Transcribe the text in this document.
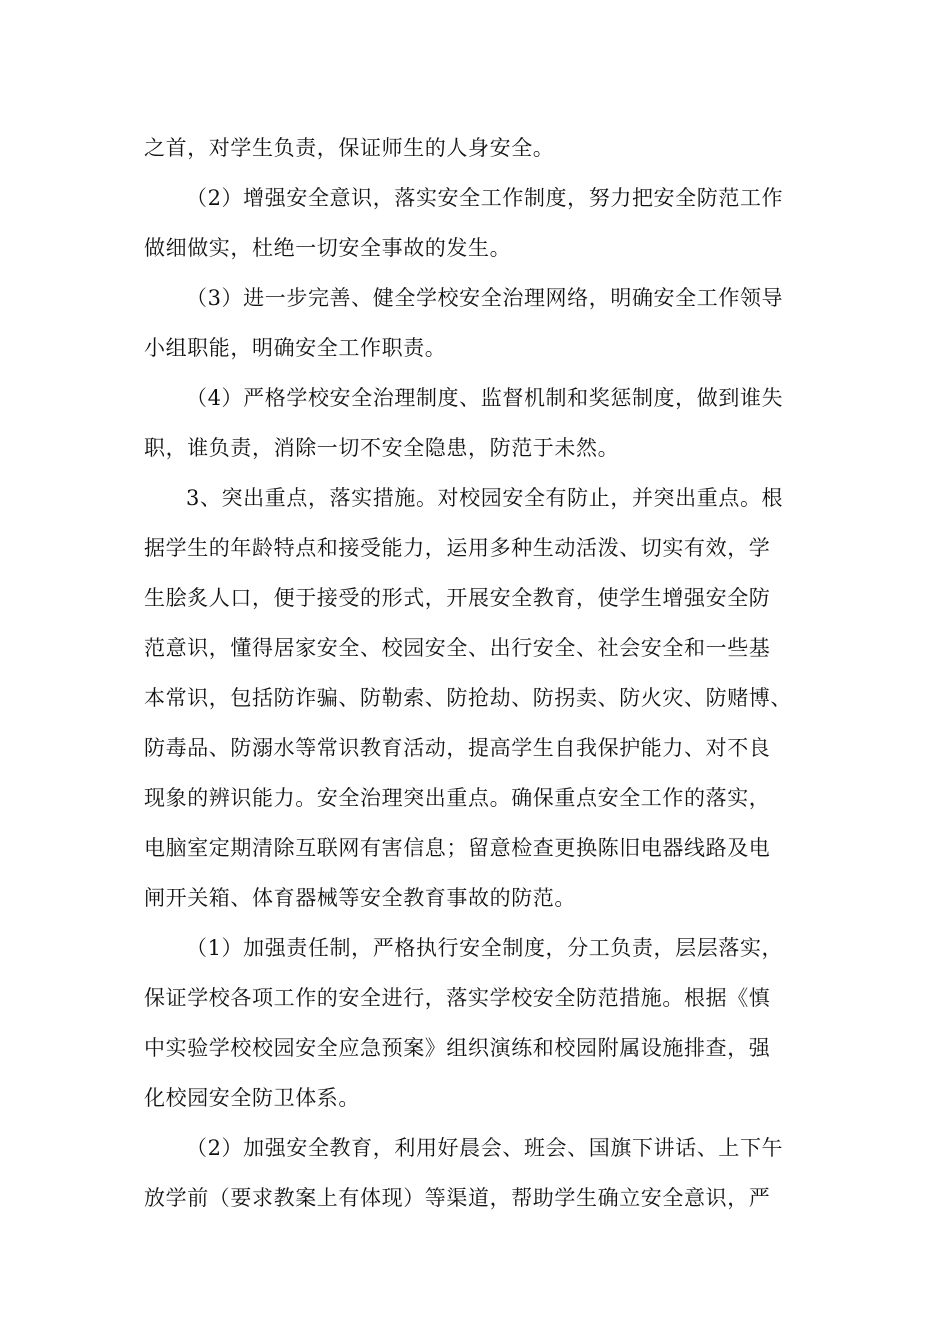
之首，对学生负责，保证师生的人身安全。
（2）增强安全意识，落实安全工作制度，努力把安全防范工作
做细做实，杜绝一切安全事故的发生。
（3）进一步完善、健全学校安全治理网络，明确安全工作领导
小组职能，明确安全工作职责。
（4）严格学校安全治理制度、监督机制和奖惩制度，做到谁失
职，谁负责，消除一切不安全隐患，防范于未然。
3、突出重点，落实措施。对校园安全有防止，并突出重点。根
据学生的年龄特点和接受能力，运用多种生动活泼、切实有效，学
生脍炙人口，便于接受的形式，开展安全教育，使学生增强安全防
范意识，懂得居家安全、校园安全、出行安全、社会安全和一些基
本常识，包括防诈骗、防勒索、防抢劫、防拐卖、防火灾、防赌博、
防毒品、防溺水等常识教育活动，提高学生自我保护能力、对不良
现象的辨识能力。安全治理突出重点。确保重点安全工作的落实，
电脑室定期清除互联网有害信息；留意检查更换陈旧电器线路及电
闸开关箱、体育器械等安全教育事故的防范。
（1）加强责任制，严格执行安全制度，分工负责，层层落实，
保证学校各项工作的安全进行，落实学校安全防范措施。根据《慎
中实验学校校园安全应急预案》组织演练和校园附属设施排查，强
化校园安全防卫体系。
（2）加强安全教育，利用好晨会、班会、国旗下讲话、上下午
放学前（要求教案上有体现）等渠道，帮助学生确立安全意识，严
